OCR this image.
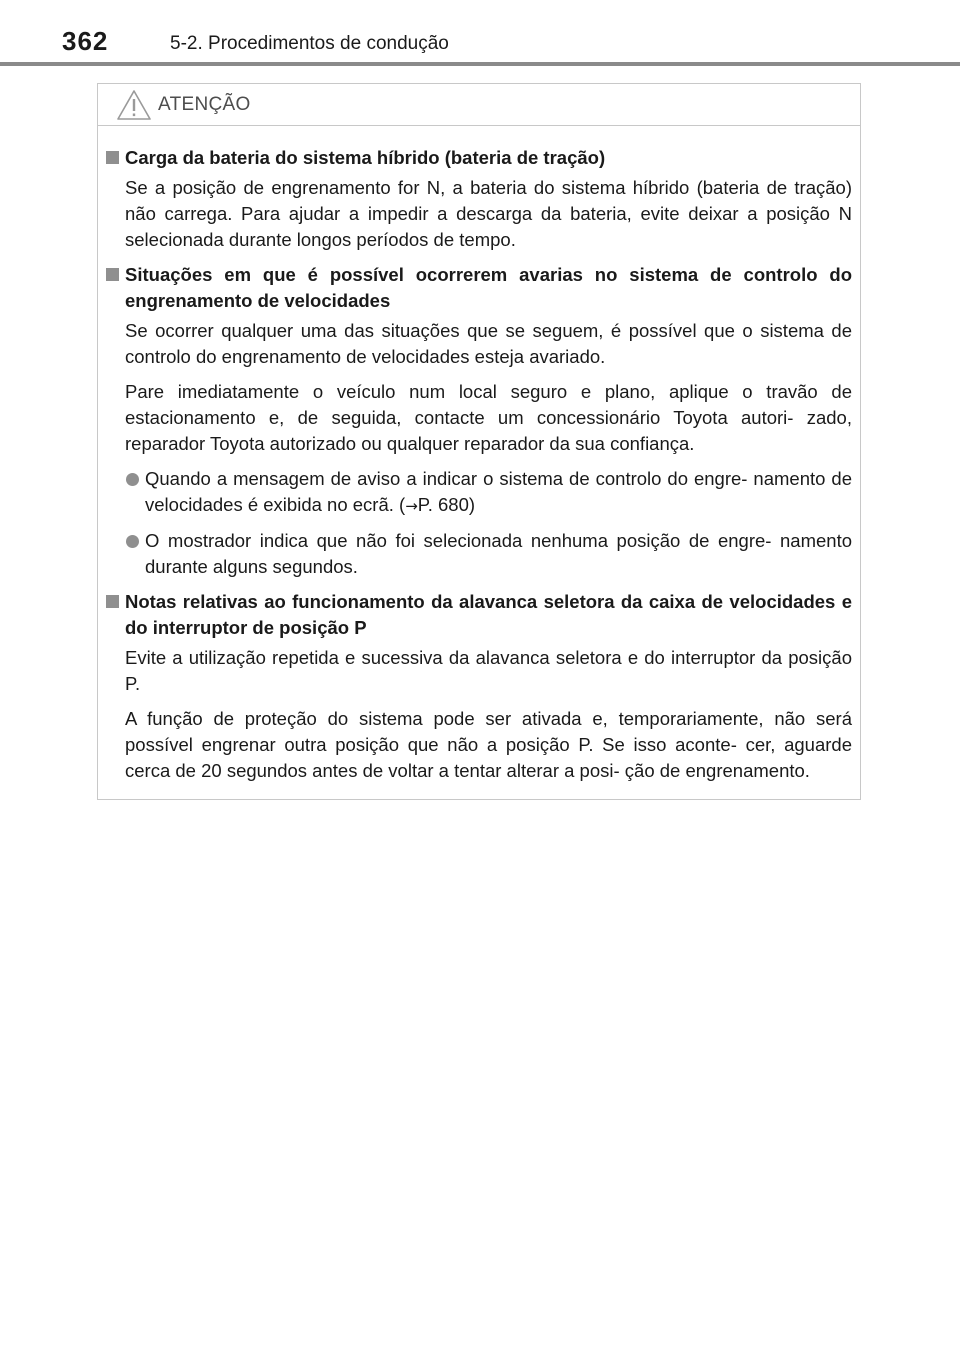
362	5-2. Procedimentos de condução
ATENÇÃO
Carga da bateria do sistema híbrido (bateria de tração)

Se a posição de engrenamento for N, a bateria do sistema híbrido (bateria de tração) não carrega. Para ajudar a impedir a descarga da bateria, evite deixar a posição N selecionada durante longos períodos de tempo.

Situações em que é possível ocorrerem avarias no sistema de controlo do engrenamento de velocidades

Se ocorrer qualquer uma das situações que se seguem, é possível que o sistema de controlo do engrenamento de velocidades esteja avariado.

Pare imediatamente o veículo num local seguro e plano, aplique o travão de estacionamento e, de seguida, contacte um concessionário Toyota autori- zado, reparador Toyota autorizado ou qualquer reparador da sua confiança.

Quando a mensagem de aviso a indicar o sistema de controlo do engre- namento de velocidades é exibida no ecrã. (→P. 680)
O mostrador indica que não foi selecionada nenhuma posição de engre- namento durante alguns segundos.
Notas relativas ao funcionamento da alavanca seletora da caixa de velocidades e do interruptor de posição P

Evite a utilização repetida e sucessiva da alavanca seletora e do interruptor da posição P.

A função de proteção do sistema pode ser ativada e, temporariamente, não será possível engrenar outra posição que não a posição P. Se isso aconte- cer, aguarde cerca de 20 segundos antes de voltar a tentar alterar a posi- ção de engrenamento.
